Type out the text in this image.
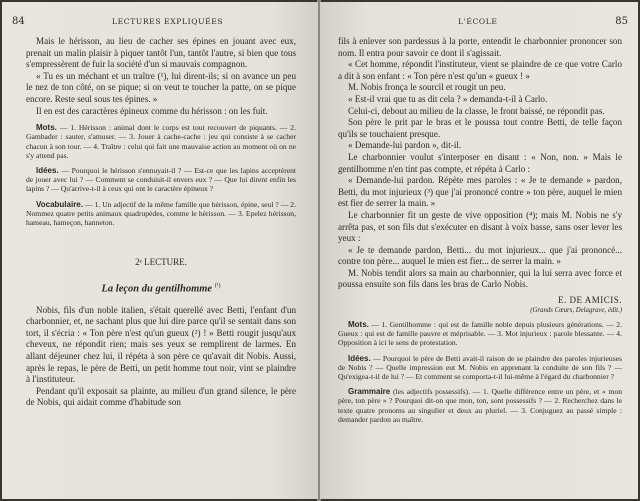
84	LECTURES EXPLIQUÉES

Mais le hérisson, au lieu de cacher ses épines en jouant avec eux, prenait un malin plaisir à piquer tantôt l'un, tantôt l'autre, si bien que tous s'empressèrent de fuir la société d'un si mauvais compagnon.

« Tu es un méchant et un traître (¹), lui dirent-ils; si on avance un peu le nez de ton côté, on se pique; si on veut te toucher la patte, on se pique encore. Reste seul sous tes épines. »

Il en est des caractères épineux comme du hérisson : on les fuit.

Mots. — 1. Hérisson : animal dont le corps est tout recouvert de piquants. — 2. Gambader : sauter, s'amuser. — 3. Jouer à cache-cache : jeu qui consiste à se cacher chacun à son tour. — 4. Traître : celui qui fait une mauvaise action au moment où on ne s'y attend pas.

Idées. — Pourquoi le hérisson s'ennuyait-il ? — Est-ce que les lapins acceptèrent de jouer avec lui ? — Comment se conduisit-il envers eux ? — Que lui dirent enfin les lapins ? — Qu'arrive-t-il à ceux qui ont le caractère épineux ?

Vocabulaire. — 1. Un adjectif de la même famille que hérisson, épine, seul ? — 2. Nommez quatre petits animaux quadrupèdes, comme le hérisson. — 3. Epelez hérisson, hameau, hameçon, hanneton.

2ᵉ LECTURE.

La leçon du gentilhomme $^{(^1)}$

Nobis, fils d'un noble italien, s'était querellé avec Betti, l'enfant d'un charbonnier, et, ne sachant plus que lui dire parce qu'il se sentait dans son tort, il s'écria : « Ton père n'est qu'un gueux (²) ! » Betti rougit jusqu'aux cheveux, ne répondit rien; mais ses yeux se remplirent de larmes. En allant déjeuner chez lui, il répéta à son père ce qu'avait dit Nobis. Aussi, après le repas, le père de Betti, un petit homme tout noir, vint se plaindre à l'instituteur.

Pendant qu'il exposait sa plainte, au milieu d'un grand silence, le père de Nobis, qui aidait comme d'habitude son

L'ÉCOLE	85

fils à enlever son pardessus à la porte, entendit le charbonnier prononcer son nom. Il entra pour savoir ce dont il s'agissait.

« Cet homme, répondit l'instituteur, vient se plaindre de ce que votre Carlo a dit à son enfant : « Ton père n'est qu'un « gueux ! »

M. Nobis fronça le sourcil et rougit un peu.

« Est-il vrai que tu as dit cela ? » demanda-t-il à Carlo.

Celui-ci, debout au milieu de la classe, le front baissé, ne répondit pas.

Son père le prit par le bras et le poussa tout contre Betti, de telle façon qu'ils se touchaient presque.

« Demande-lui pardon », dit-il.

Le charbonnier voulut s'interposer en disant : « Non, non. » Mais le gentilhomme n'en tint pas compte, et répéta à Carlo :

« Demande-lui pardon. Répète mes paroles : « Je te demande » pardon, Betti, du mot injurieux (³) que j'ai prononcé contre » ton père, auquel le mien est fier de serrer la main. »

Le charbonnier fit un geste de vive opposition (⁴); mais M. Nobis ne s'y arrêta pas, et son fils dut s'exécuter en disant à voix basse, sans oser lever les yeux :

« Je te demande pardon, Betti... du mot injurieux... que j'ai prononcé... contre ton père... auquel le mien est fier... de serrer la main. »

M. Nobis tendit alors sa main au charbonnier, qui la lui serra avec force et poussa ensuite son fils dans les bras de Carlo Nobis.

E. DE AMICIS.

(Grands Cœurs, Delagrave, édit.)

Mots. — 1. Gentilhomme : qui est de famille noble depuis plusieurs générations. — 2. Gueux : qui est de famille pauvre et méprisable. — 3. Mot injurieux : parole blessante. — 4. Opposition à ici le sens de protestation.

Idées. — Pourquoi le père de Betti avait-il raison de se plaindre des paroles injurieuses de Nobis ? — Quelle impression eut M. Nobis en apprenant la conduite de son fils ? — Qu'exigea-t-il de lui ? — Et comment se comporta-t-il lui-même à l'égard du charbonnier ?

Grammaire (les adjectifs possessifs). — 1. Quelle différence entre un père, et « mon père, ton père » ? Pourquoi dit-on que mon, ton, sont possessifs ? — 2. Recherchez dans le texte quatre pronoms au singulier et deux au pluriel. — 3. Conjuguez au passé simple : demander pardon au maître.
